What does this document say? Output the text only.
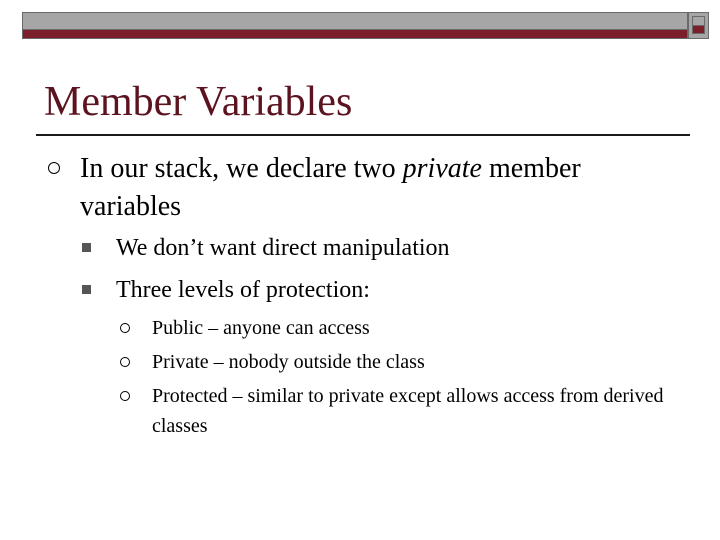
Member Variables
In our stack, we declare two private member variables
We don’t want direct manipulation
Three levels of protection:
Public – anyone can access
Private – nobody outside the class
Protected – similar to private except allows access from derived classes
